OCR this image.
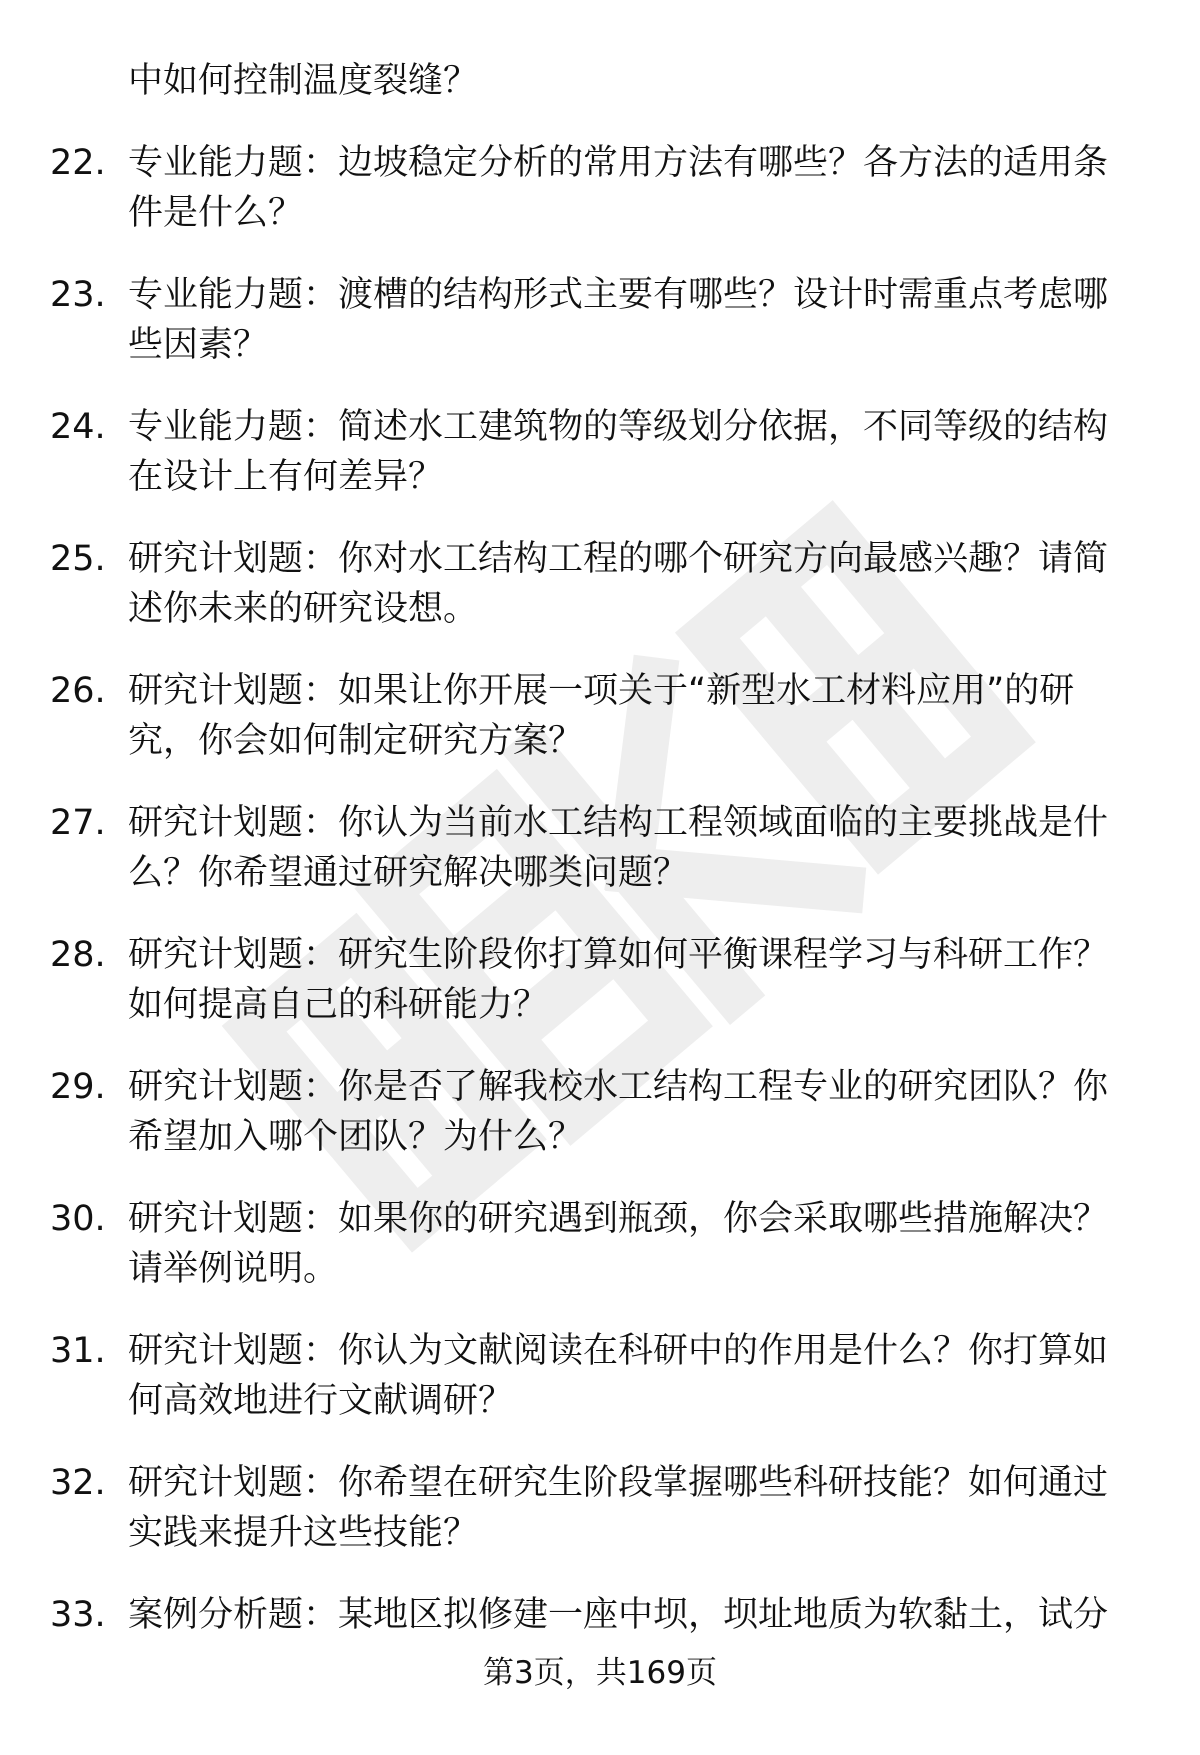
中如何控制温度裂缝？
22. 专业能力题：边坡稳定分析的常用方法有哪些？各方法的适用条件是什么？
23. 专业能力题：渡槽的结构形式主要有哪些？设计时需重点考虑哪些因素？
24. 专业能力题：简述水工建筑物的等级划分依据，不同等级的结构在设计上有何差异？
25. 研究计划题：你对水工结构工程的哪个研究方向最感兴趣？请简述你未来的研究设想。
26. 研究计划题：如果让你开展一项关于“新型水工材料应用”的研究，你会如何制定研究方案？
27. 研究计划题：你认为当前水工结构工程领域面临的主要挑战是什么？你希望通过研究解决哪类问题？
28. 研究计划题：研究生阶段你打算如何平衡课程学习与科研工作？如何提高自己的科研能力？
29. 研究计划题：你是否了解我校水工结构工程专业的研究团队？你希望加入哪个团队？为什么？
30. 研究计划题：如果你的研究遇到瓶颈，你会采取哪些措施解决？请举例说明。
31. 研究计划题：你认为文献阅读在科研中的作用是什么？你打算如何高效地进行文献调研？
32. 研究计划题：你希望在研究生阶段掌握哪些科研技能？如何通过实践来提升这些技能？
33. 案例分析题：某地区拟修建一座中坝，坝址地质为软黏土，试分
第3页，共169页
